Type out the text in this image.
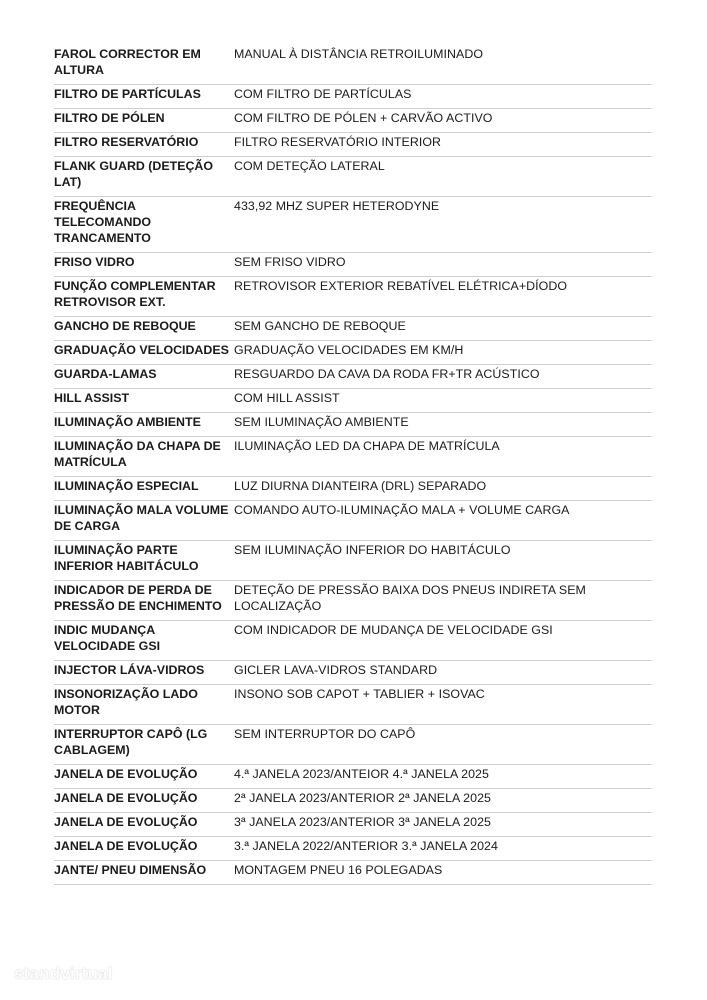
FAROL CORRECTOR EM ALTURA	MANUAL À DISTÂNCIA RETROILUMINADO

FILTRO DE PARTÍCULAS	COM FILTRO DE PARTÍCULAS

FILTRO DE PÓLEN	COM FILTRO DE PÓLEN + CARVÃO ACTIVO

FILTRO RESERVATÓRIO	FILTRO RESERVATÓRIO INTERIOR

FLANK GUARD (DETEÇÃO LAT)	COM DETEÇÃO LATERAL

FREQUÊNCIA TELECOMANDO TRANCAMENTO	433,92 MHZ SUPER HETERODYNE

FRISO VIDRO	SEM FRISO VIDRO

FUNÇÃO COMPLEMENTAR RETROVISOR EXT.	RETROVISOR EXTERIOR REBATÍVEL ELÉTRICA+DÍODO

GANCHO DE REBOQUE	SEM GANCHO DE REBOQUE

GRADUAÇÃO VELOCIDADES	GRADUAÇÃO VELOCIDADES EM KM/H

GUARDA-LAMAS	RESGUARDO DA CAVA DA RODA FR+TR ACÚSTICO

HILL ASSIST	COM HILL ASSIST

ILUMINAÇÃO AMBIENTE	SEM ILUMINAÇÃO AMBIENTE

ILUMINAÇÃO DA CHAPA DE MATRÍCULA	ILUMINAÇÃO LED DA CHAPA DE MATRÍCULA

ILUMINAÇÃO ESPECIAL	LUZ DIURNA DIANTEIRA (DRL) SEPARADO

ILUMINAÇÃO MALA VOLUME DE CARGA	COMANDO AUTO-ILUMINAÇÃO MALA + VOLUME CARGA

ILUMINAÇÃO PARTE INFERIOR HABITÁCULO	SEM ILUMINAÇÃO INFERIOR DO HABITÁCULO

INDICADOR DE PERDA DE PRESSÃO DE ENCHIMENTO	DETEÇÃO DE PRESSÃO BAIXA DOS PNEUS INDIRETA SEM LOCALIZAÇÃO

INDIC MUDANÇA VELOCIDADE GSI	COM INDICADOR DE MUDANÇA DE VELOCIDADE GSI

INJECTOR LÁVA-VIDROS	GICLER LAVA-VIDROS STANDARD

INSONORIZAÇÃO LADO MOTOR	INSONO SOB CAPOT + TABLIER + ISOVAC

INTERRUPTOR CAPÔ (LG CABLAGEM)	SEM INTERRUPTOR DO CAPÔ

JANELA DE EVOLUÇÃO	4.ª JANELA 2023/ANTEIOR 4.ª JANELA 2025

JANELA DE EVOLUÇÃO	2ª JANELA 2023/ANTERIOR 2ª JANELA 2025

JANELA DE EVOLUÇÃO	3ª JANELA 2023/ANTERIOR 3ª JANELA 2025

JANELA DE EVOLUÇÃO	3.ª JANELA 2022/ANTERIOR 3.ª JANELA 2024

JANTE/ PNEU DIMENSÃO	MONTAGEM PNEU 16 POLEGADAS
standvirtual
